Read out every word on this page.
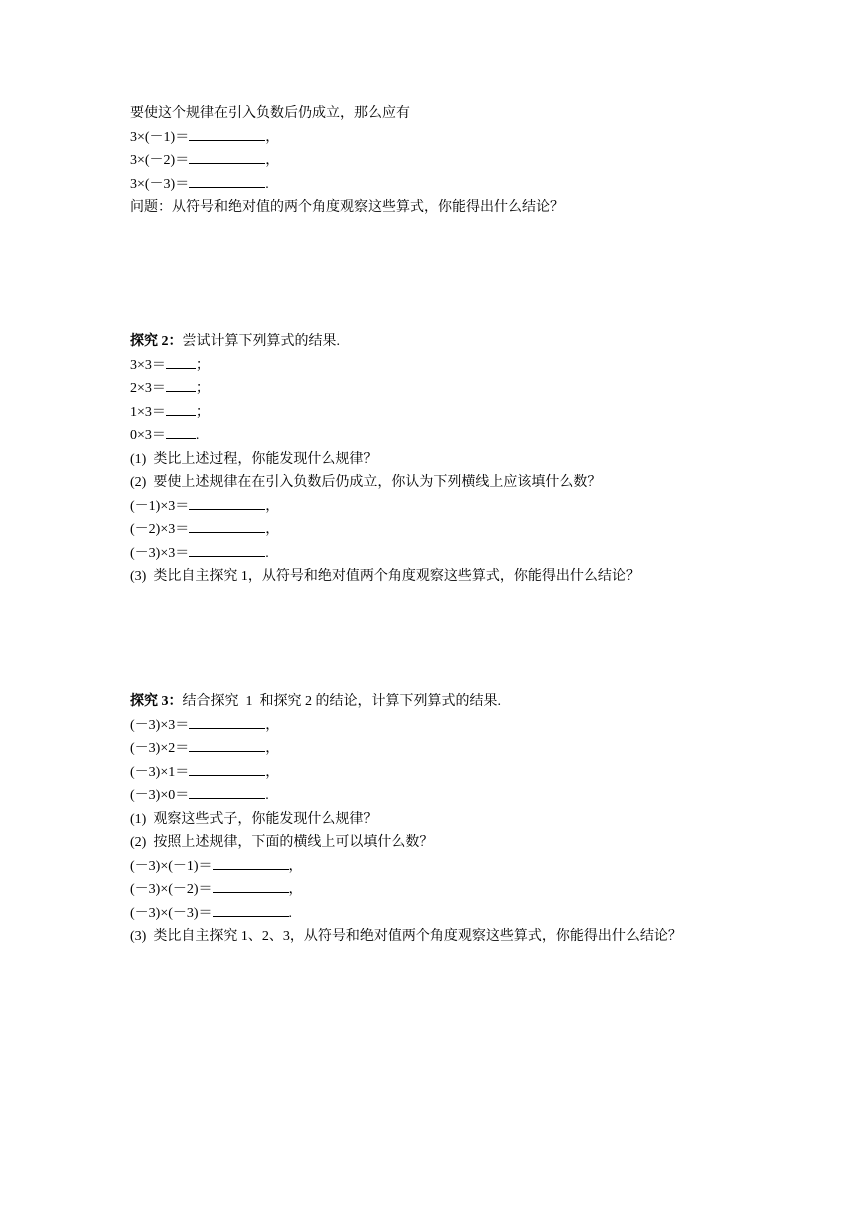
要使这个规律在引入负数后仍成立，那么应有
3×(－1)＝	，
3×(－2)＝	，
3×(－3)＝	.
问题：从符号和绝对值的两个角度观察这些算式，你能得出什么结论？
探究 2：尝试计算下列算式的结果.
3×3＝ ；
2×3＝ ；
1×3＝ ；
0×3＝ .
(1)  类比上述过程，你能发现什么规律？
(2)  要使上述规律在在引入负数后仍成立，你认为下列横线上应该填什么数？
(－1)×3＝	，
(－2)×3＝	，
(－3)×3＝	.
(3)  类比自主探究 1，从符号和绝对值两个角度观察这些算式，你能得出什么结论？
探究 3：结合探究  1  和探究 2 的结论，计算下列算式的结果.
(－3)×3＝	，
(－3)×2＝	，
(－3)×1＝	，
(－3)×0＝	.
(1)  观察这些式子，你能发现什么规律？
(2)  按照上述规律，下面的横线上可以填什么数？
(－3)×(－1)＝	，
(－3)×(－2)＝	，
(－3)×(－3)＝	.
(3)  类比自主探究 1、2、3，从符号和绝对值两个角度观察这些算式，你能得出什么结论？
